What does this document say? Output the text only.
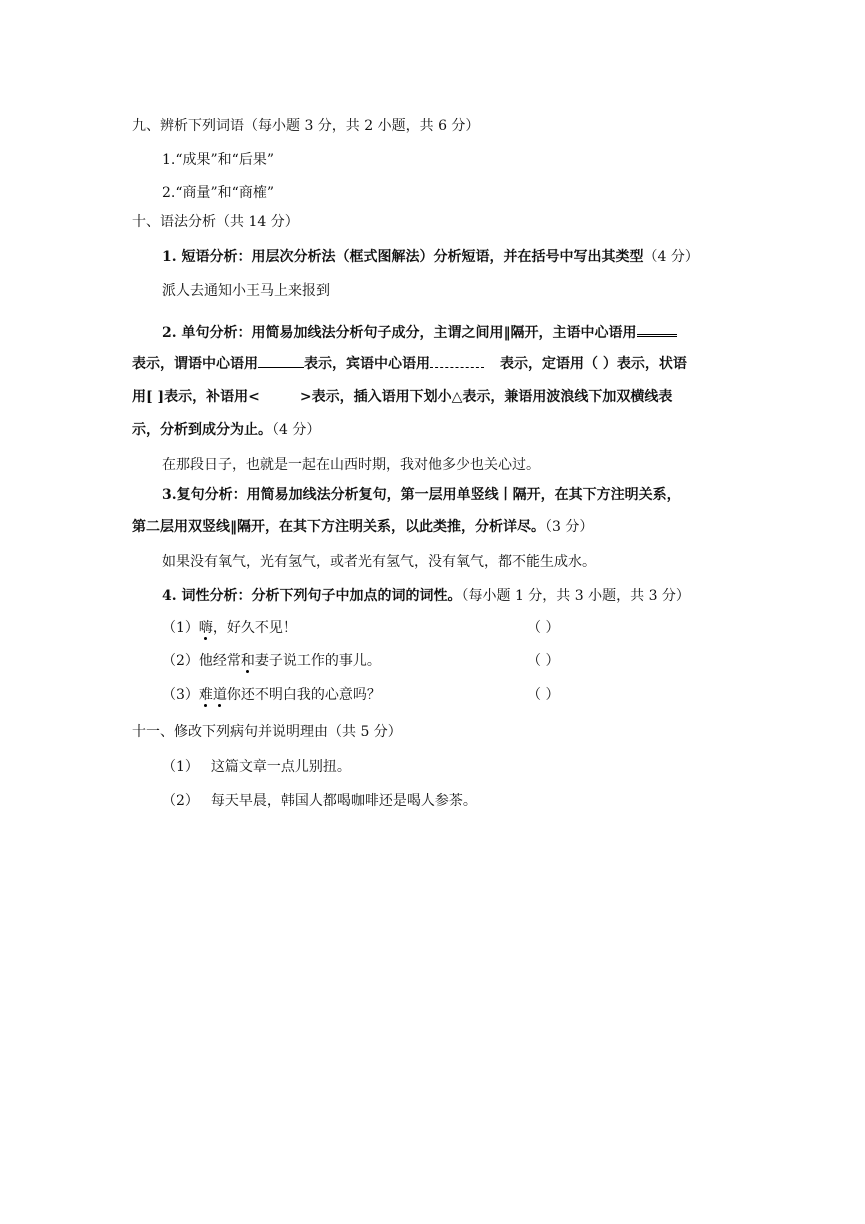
九、辨析下列词语（每小题 3 分，共 2 小题，共 6 分）
1.“成果”和“后果”
2.“商量”和“商榷”
十、语法分析（共 14 分）
1. 短语分析：用层次分析法（框式图解法）分析短语，并在括号中写出其类型（4 分）
派人去通知小王马上来报到
2. 单句分析：用简易加线法分析句子成分，主谓之间用‖隔开，主语中心语用
表示，谓语中心语用	表示，宾语中心语用	表示，定语用（ ）表示，状语
用[ ]表示，补语用<	>表示，插入语用下划小△表示，兼语用波浪线下加双横线表
示，分析到成分为止。（4 分）
在那段日子，也就是一起在山西时期，我对他多少也关心过。
3.复句分析：用简易加线法分析复句，第一层用单竖线丨隔开，在其下方注明关系，
第二层用双竖线‖隔开，在其下方注明关系，以此类推，分析详尽。（3 分）
如果没有氧气，光有氢气，或者光有氢气，没有氧气，都不能生成水。
4. 词性分析：分析下列句子中加点的词的词性。（每小题 1 分，共 3 小题，共 3 分）
（1）嗨，好久不见！	（ ）
（2）他经常和妻子说工作的事儿。	（ ）
（3）难道你还不明白我的心意吗？	（ ）
十一、修改下列病句并说明理由（共 5 分）
（1） 这篇文章一点儿别扭。
（2） 每天早晨，韩国人都喝咖啡还是喝人参茶。
